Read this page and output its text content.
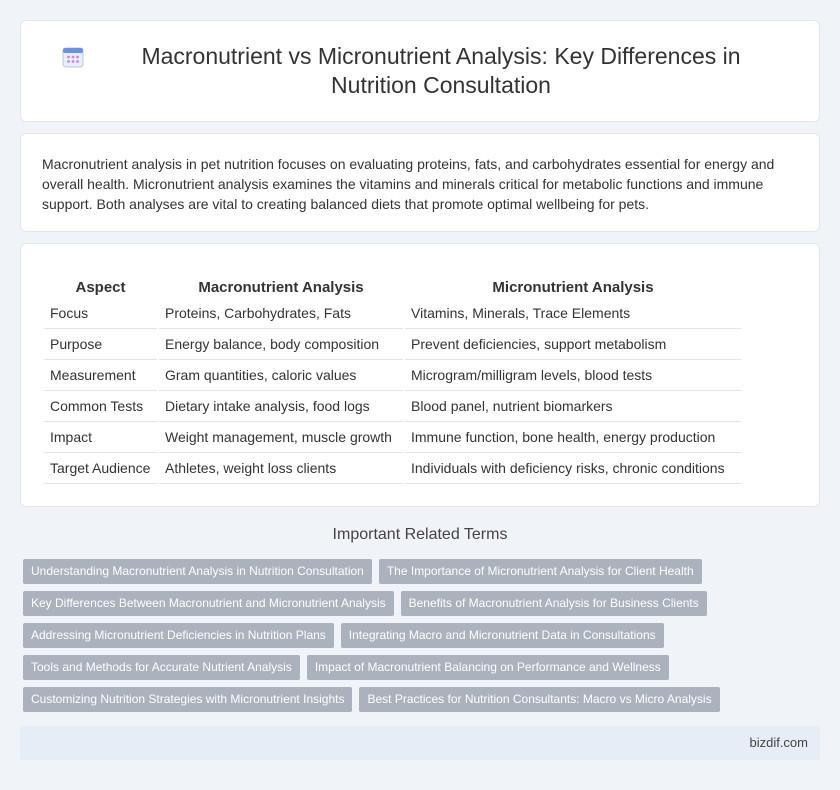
Macronutrient vs Micronutrient Analysis: Key Differences in Nutrition Consultation

Macronutrient analysis in pet nutrition focuses on evaluating proteins, fats, and carbohydrates essential for energy and overall health. Micronutrient analysis examines the vitamins and minerals critical for metabolic functions and immune support. Both analyses are vital to creating balanced diets that promote optimal wellbeing for pets.

Aspect	Macronutrient Analysis	Micronutrient Analysis
Focus	Proteins, Carbohydrates, Fats	Vitamins, Minerals, Trace Elements
Purpose	Energy balance, body composition	Prevent deficiencies, support metabolism
Measurement	Gram quantities, caloric values	Microgram/milligram levels, blood tests
Common Tests	Dietary intake analysis, food logs	Blood panel, nutrient biomarkers
Impact	Weight management, muscle growth	Immune function, bone health, energy production
Target Audience	Athletes, weight loss clients	Individuals with deficiency risks, chronic conditions
Important Related Terms
Understanding Macronutrient Analysis in Nutrition Consultation	The Importance of Micronutrient Analysis for Client Health
Key Differences Between Macronutrient and Micronutrient Analysis	Benefits of Macronutrient Analysis for Business Clients
Addressing Micronutrient Deficiencies in Nutrition Plans	Integrating Macro and Micronutrient Data in Consultations
Tools and Methods for Accurate Nutrient Analysis	Impact of Macronutrient Balancing on Performance and Wellness
Customizing Nutrition Strategies with Micronutrient Insights	Best Practices for Nutrition Consultants: Macro vs Micro Analysis
bizdif.com
